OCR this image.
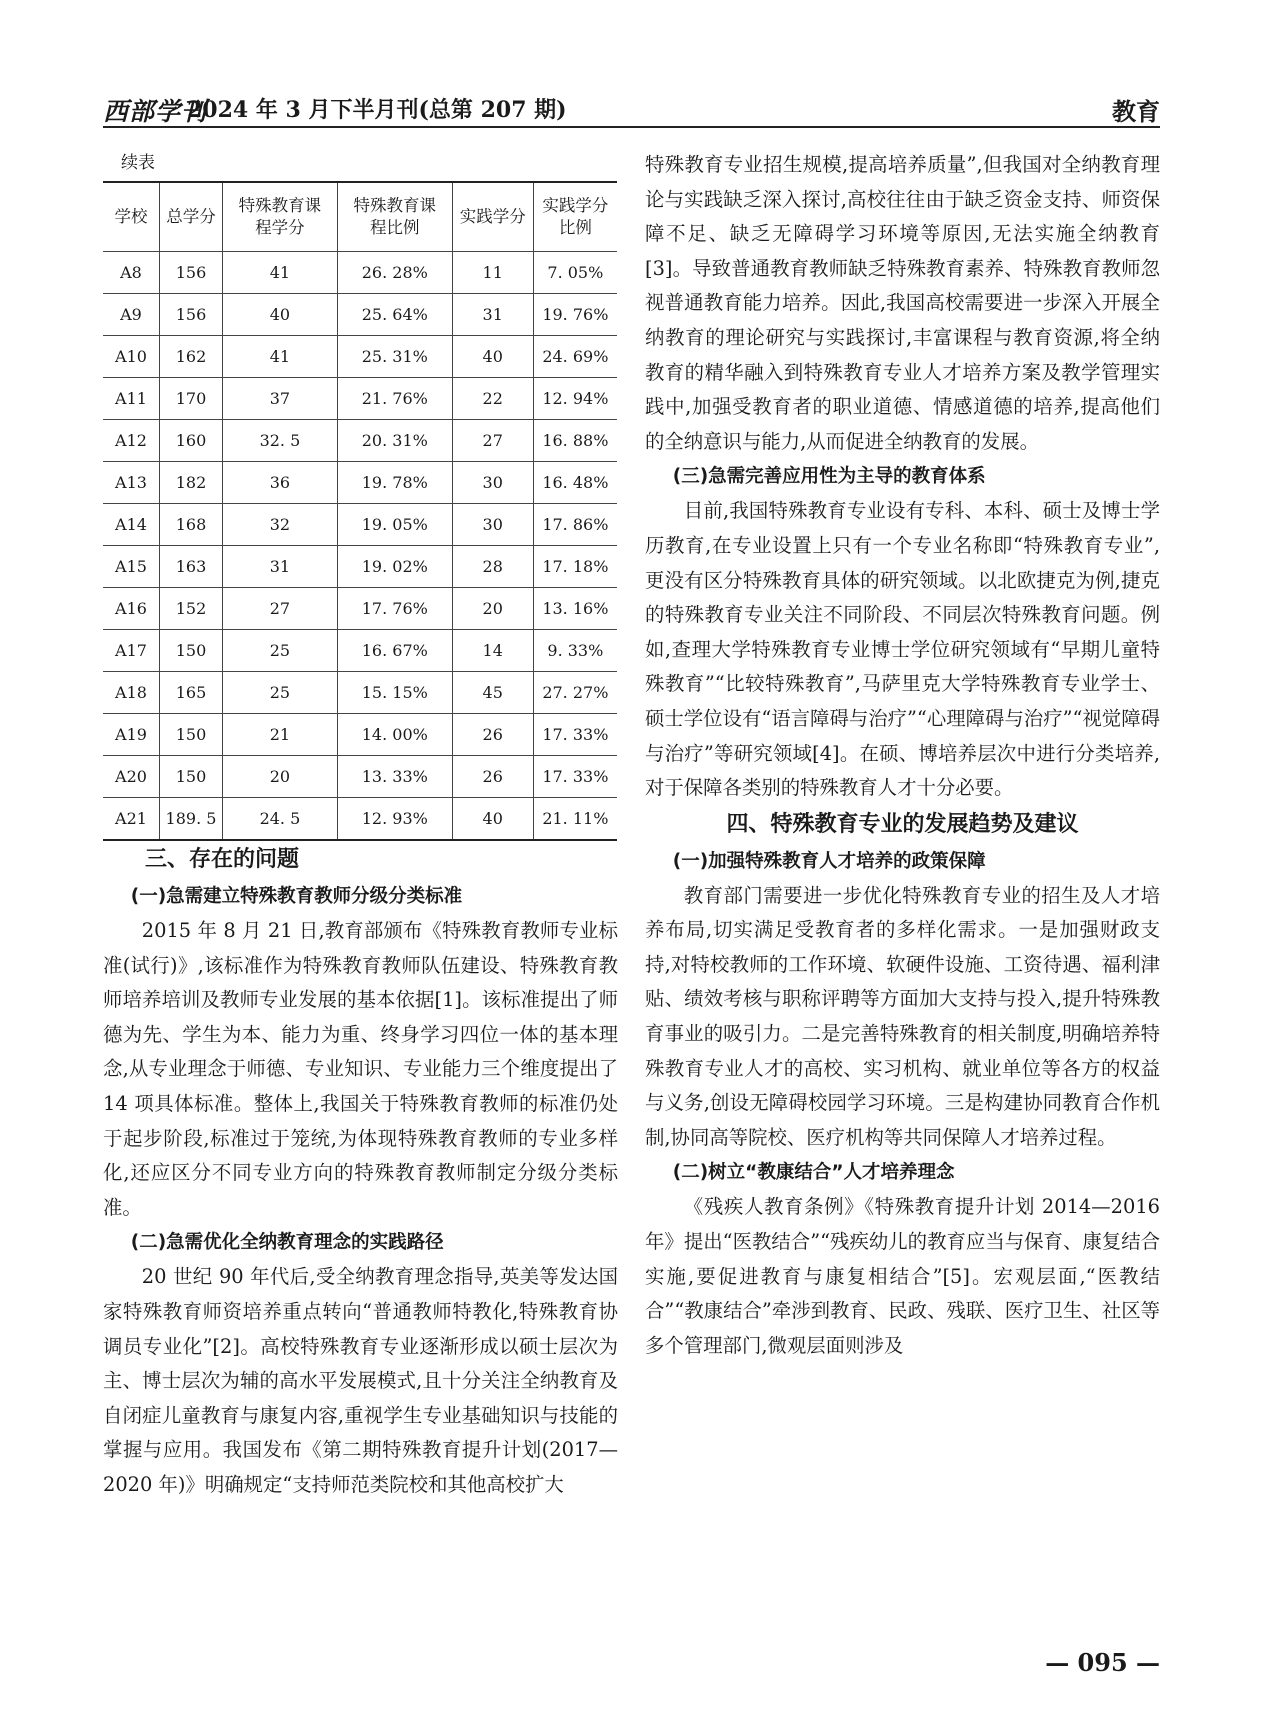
西部学刊
2024 年 3 月下半月刊(总第 207 期)	教育
续表
学校	总学分	特殊教育课程学分	特殊教育课程比例	实践学分	实践学分比例
A8	156	41	26. 28%	11	7. 05%
A9	156	40	25. 64%	31	19. 76%
A10	162	41	25. 31%	40	24. 69%
A11	170	37	21. 76%	22	12. 94%
A12	160	32. 5	20. 31%	27	16. 88%
A13	182	36	19. 78%	30	16. 48%
A14	168	32	19. 05%	30	17. 86%
A15	163	31	19. 02%	28	17. 18%
A16	152	27	17. 76%	20	13. 16%
A17	150	25	16. 67%	14	9. 33%
A18	165	25	15. 15%	45	27. 27%
A19	150	21	14. 00%	26	17. 33%
A20	150	20	13. 33%	26	17. 33%
A21	189. 5	24. 5	12. 93%	40	21. 11%
三、存在的问题
(一)急需建立特殊教育教师分级分类标准

2015 年 8 月 21 日,教育部颁布《特殊教育教师专业标准(试行)》,该标准作为特殊教育教师队伍建设、特殊教育教师培养培训及教师专业发展的基本依据[1]。该标准提出了师德为先、学生为本、能力为重、终身学习四位一体的基本理念,从专业理念于师德、专业知识、专业能力三个维度提出了 14 项具体标准。整体上,我国关于特殊教育教师的标准仍处于起步阶段,标准过于笼统,为体现特殊教育教师的专业多样化,还应区分不同专业方向的特殊教育教师制定分级分类标准。

(二)急需优化全纳教育理念的实践路径

20 世纪 90 年代后,受全纳教育理念指导,英美等发达国家特殊教育师资培养重点转向“普通教师特教化,特殊教育协调员专业化”[2]。高校特殊教育专业逐渐形成以硕士层次为主、博士层次为辅的高水平发展模式,且十分关注全纳教育及自闭症儿童教育与康复内容,重视学生专业基础知识与技能的掌握与应用。我国发布《第二期特殊教育提升计划(2017—2020 年)》明确规定“支持师范类院校和其他高校扩大

特殊教育专业招生规模,提高培养质量”,但我国对全纳教育理论与实践缺乏深入探讨,高校往往由于缺乏资金支持、师资保障不足、缺乏无障碍学习环境等原因,无法实施全纳教育[3]。导致普通教育教师缺乏特殊教育素养、特殊教育教师忽视普通教育能力培养。因此,我国高校需要进一步深入开展全纳教育的理论研究与实践探讨,丰富课程与教育资源,将全纳教育的精华融入到特殊教育专业人才培养方案及教学管理实践中,加强受教育者的职业道德、情感道德的培养,提高他们的全纳意识与能力,从而促进全纳教育的发展。

(三)急需完善应用性为主导的教育体系

目前,我国特殊教育专业设有专科、本科、硕士及博士学历教育,在专业设置上只有一个专业名称即“特殊教育专业”,更没有区分特殊教育具体的研究领域。以北欧捷克为例,捷克的特殊教育专业关注不同阶段、不同层次特殊教育问题。例如,查理大学特殊教育专业博士学位研究领域有“早期儿童特殊教育”“比较特殊教育”,马萨里克大学特殊教育专业学士、硕士学位设有“语言障碍与治疗”“心理障碍与治疗”“视觉障碍与治疗”等研究领域[4]。在硕、博培养层次中进行分类培养,对于保障各类别的特殊教育人才十分必要。

四、特殊教育专业的发展趋势及建议
(一)加强特殊教育人才培养的政策保障

教育部门需要进一步优化特殊教育专业的招生及人才培养布局,切实满足受教育者的多样化需求。一是加强财政支持,对特校教师的工作环境、软硬件设施、工资待遇、福利津贴、绩效考核与职称评聘等方面加大支持与投入,提升特殊教育事业的吸引力。二是完善特殊教育的相关制度,明确培养特殊教育专业人才的高校、实习机构、就业单位等各方的权益与义务,创设无障碍校园学习环境。三是构建协同教育合作机制,协同高等院校、医疗机构等共同保障人才培养过程。

(二)树立“教康结合”人才培养理念

《残疾人教育条例》《特殊教育提升计划 2014—2016 年》提出“医教结合”“残疾幼儿的教育应当与保育、康复结合实施,要促进教育与康复相结合”[5]。宏观层面,“医教结合”“教康结合”牵涉到教育、民政、残联、医疗卫生、社区等多个管理部门,微观层面则涉及

— 095 —
